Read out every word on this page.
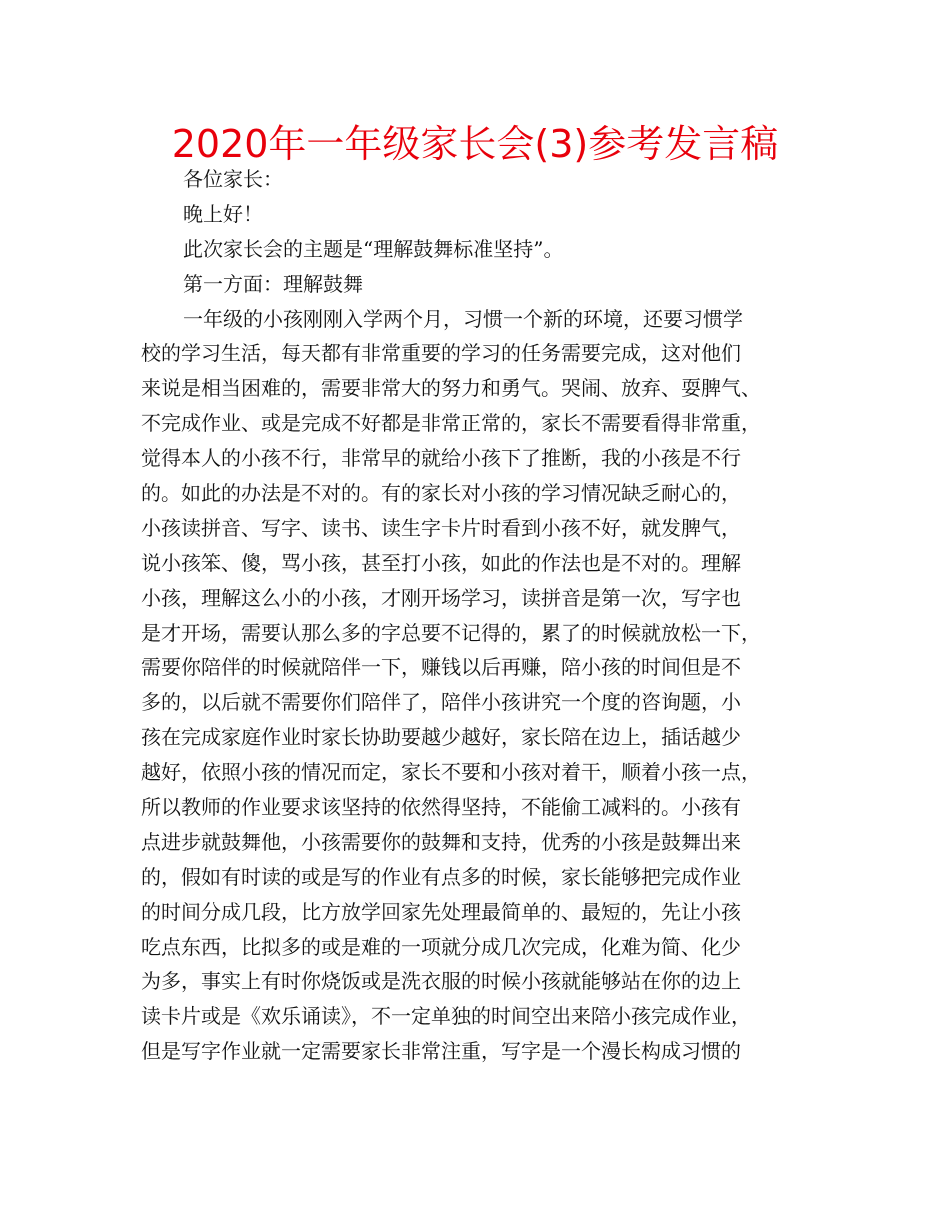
2020年一年级家长会(3)参考发言稿
各位家长：
晚上好！
此次家长会的主题是“理解鼓舞标准坚持”。
第一方面：理解鼓舞
一年级的小孩刚刚入学两个月，习惯一个新的环境，还要习惯学
校的学习生活，每天都有非常重要的学习的任务需要完成，这对他们
来说是相当困难的，需要非常大的努力和勇气。哭闹、放弃、耍脾气、
不完成作业、或是完成不好都是非常正常的，家长不需要看得非常重，
觉得本人的小孩不行，非常早的就给小孩下了推断，我的小孩是不行
的。如此的办法是不对的。有的家长对小孩的学习情况缺乏耐心的，
小孩读拼音、写字、读书、读生字卡片时看到小孩不好，就发脾气，
说小孩笨、傻，骂小孩，甚至打小孩，如此的作法也是不对的。理解
小孩，理解这么小的小孩，才刚开场学习，读拼音是第一次，写字也
是才开场，需要认那么多的字总要不记得的，累了的时候就放松一下，
需要你陪伴的时候就陪伴一下，赚钱以后再赚，陪小孩的时间但是不
多的，以后就不需要你们陪伴了，陪伴小孩讲究一个度的咨询题，小
孩在完成家庭作业时家长协助要越少越好，家长陪在边上，插话越少
越好，依照小孩的情况而定，家长不要和小孩对着干，顺着小孩一点，
所以教师的作业要求该坚持的依然得坚持，不能偷工减料的。小孩有
点进步就鼓舞他，小孩需要你的鼓舞和支持，优秀的小孩是鼓舞出来
的，假如有时读的或是写的作业有点多的时候，家长能够把完成作业
的时间分成几段，比方放学回家先处理最简单的、最短的，先让小孩
吃点东西，比拟多的或是难的一项就分成几次完成，化难为简、化少
为多，事实上有时你烧饭或是洗衣服的时候小孩就能够站在你的边上
读卡片或是《欢乐诵读》，不一定单独的时间空出来陪小孩完成作业，
但是写字作业就一定需要家长非常注重，写字是一个漫长构成习惯的
